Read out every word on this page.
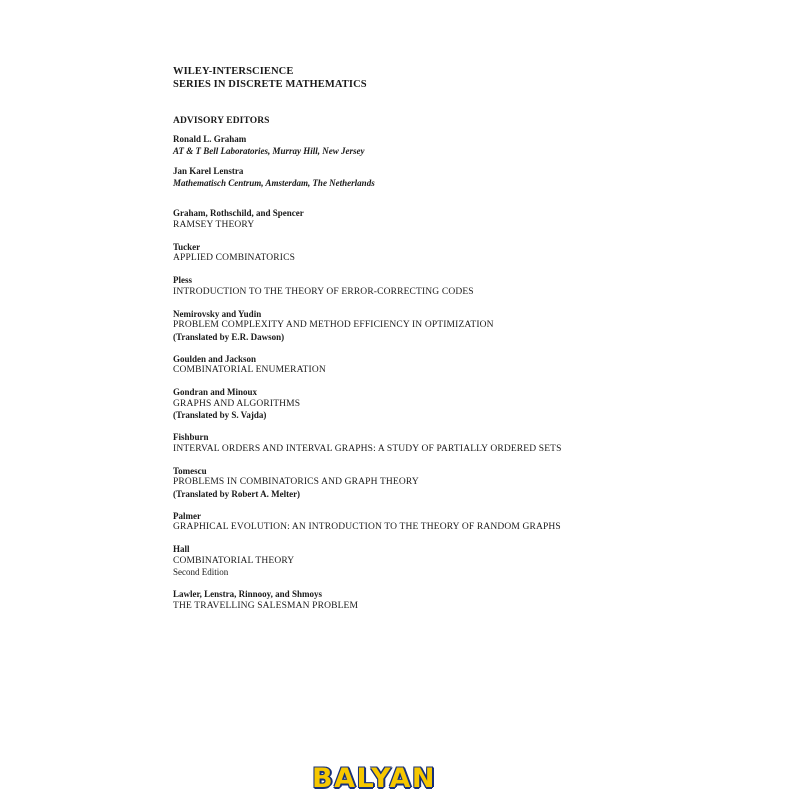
WILEY-INTERSCIENCE
SERIES IN DISCRETE MATHEMATICS
ADVISORY EDITORS
Ronald L. Graham
AT & T Bell Laboratories, Murray Hill, New Jersey
Jan Karel Lenstra
Mathematisch Centrum, Amsterdam, The Netherlands
Graham, Rothschild, and Spencer
RAMSEY THEORY
Tucker
APPLIED COMBINATORICS
Pless
INTRODUCTION TO THE THEORY OF ERROR-CORRECTING CODES
Nemirovsky and Yudin
PROBLEM COMPLEXITY AND METHOD EFFICIENCY IN OPTIMIZATION
(Translated by E.R. Dawson)
Goulden and Jackson
COMBINATORIAL ENUMERATION
Gondran and Minoux
GRAPHS AND ALGORITHMS
(Translated by S. Vajda)
Fishburn
INTERVAL ORDERS AND INTERVAL GRAPHS: A STUDY OF PARTIALLY ORDERED SETS
Tomescu
PROBLEMS IN COMBINATORICS AND GRAPH THEORY
(Translated by Robert A. Melter)
Palmer
GRAPHICAL EVOLUTION: AN INTRODUCTION TO THE THEORY OF RANDOM GRAPHS
Hall
COMBINATORIAL THEORY
Second Edition
Lawler, Lenstra, Rinnooy, and Shmoys
THE TRAVELLING SALESMAN PROBLEM
BALYAN
